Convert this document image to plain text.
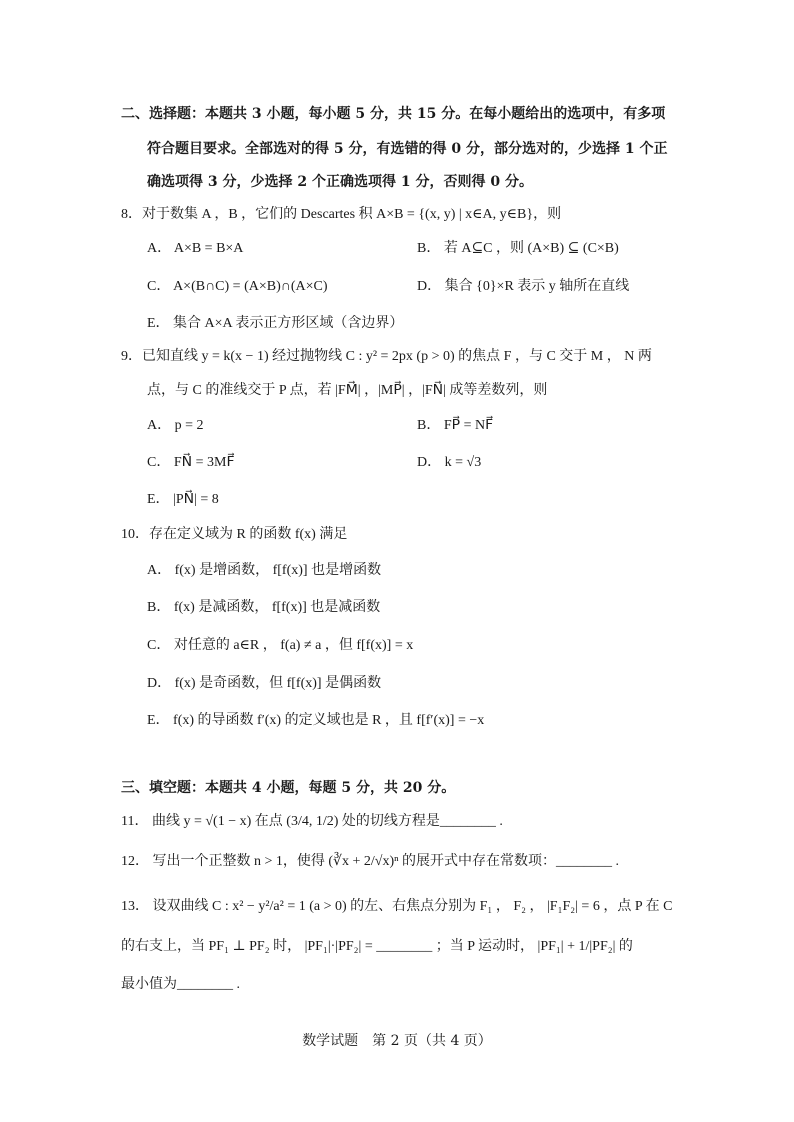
二、选择题：本题共 3 小题，每小题 5 分，共 15 分。在每小题给出的选项中，有多项
符合题目要求。全部选对的得 5 分，有选错的得 0 分，部分选对的，少选择 1 个正
确选项得 3 分，少选择 2 个正确选项得 1 分，否则得 0 分。
8．对于数集 A ，B ，它们的 Descartes 积 A×B = {(x, y) | x∈A, y∈B}，则
A． A×B = B×A	B． 若 A⊆C ，则 (A×B) ⊆ (C×B)
C． A×(B∩C) = (A×B)∩(A×C)	D． 集合 {0}×R 表示 y 轴所在直线
E． 集合 A×A 表示正方形区域（含边界）
9．已知直线 y = k(x − 1) 经过抛物线 C : y² = 2px (p > 0) 的焦点 F ，与 C 交于 M ， N 两
点，与 C 的准线交于 P 点，若 |FM⃗| ，|MP⃗| ，|FN⃗| 成等差数列，则
A． p = 2	B． FP⃗ = NF⃗
C． FN⃗ = 3MF⃗	D． k = √3
E． |PN⃗| = 8
10．存在定义域为 R 的函数 f(x) 满足
A． f(x) 是增函数， f[f(x)] 也是增函数
B． f(x) 是减函数， f[f(x)] 也是减函数
C． 对任意的 a∈R ， f(a) ≠ a ，但 f[f(x)] = x
D． f(x) 是奇函数，但 f[f(x)] 是偶函数
E． f(x) 的导函数 f′(x) 的定义域也是 R ，且 f[f′(x)] = −x
三、填空题：本题共 4 小题，每题 5 分，共 20 分。
11． 曲线 y = √(1 − x) 在点 (3/4, 1/2) 处的切线方程是________ .
12． 写出一个正整数 n > 1，使得 (∛x + 2/√x)ⁿ 的展开式中存在常数项：________ .
13． 设双曲线 C : x² − y²/a² = 1 (a > 0) 的左、右焦点分别为 F₁ ， F₂ ， |F₁F₂| = 6 ，点 P 在 C
的右支上，当 PF₁ ⊥ PF₂ 时， |PF₁|·|PF₂| = ________ ；当 P 运动时， |PF₁| + 1/|PF₂| 的
最小值为________ .
数学试题　第 2 页（共 4 页）
